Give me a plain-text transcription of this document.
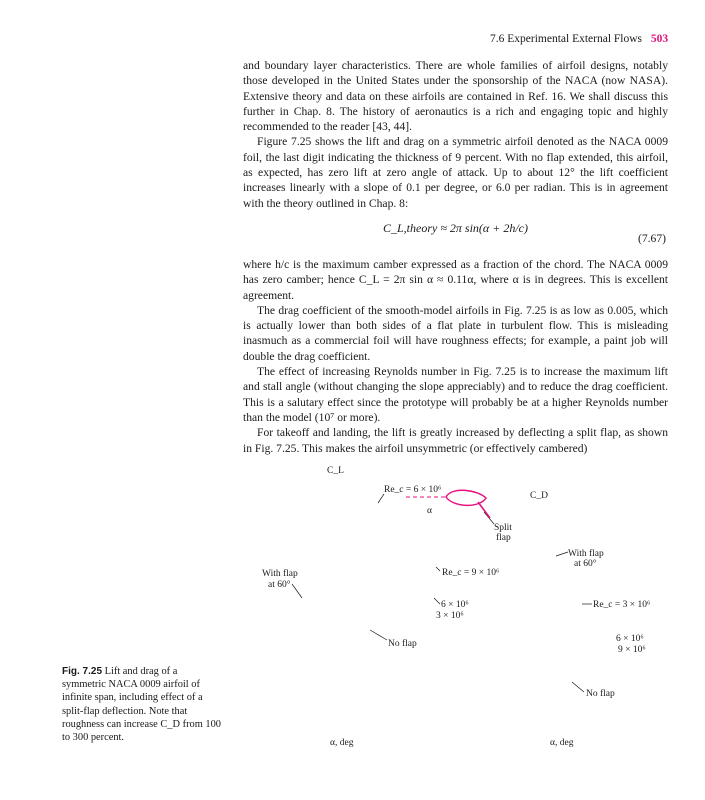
7.6 Experimental External Flows 503

and boundary layer characteristics. There are whole families of airfoil designs, notably those developed in the United States under the sponsorship of the NACA (now NASA). Extensive theory and data on these airfoils are contained in Ref. 16. We shall discuss this further in Chap. 8. The history of aeronautics is a rich and engaging topic and highly recommended to the reader [43, 44].

Figure 7.25 shows the lift and drag on a symmetric airfoil denoted as the NACA 0009 foil, the last digit indicating the thickness of 9 percent. With no flap extended, this airfoil, as expected, has zero lift at zero angle of attack. Up to about 12° the lift coefficient increases linearly with a slope of 0.1 per degree, or 6.0 per radian. This is in agreement with the theory outlined in Chap. 8:

C_L,theory ≈ 2π sin(α + 2h/c)
(7.67)

where h/c is the maximum camber expressed as a fraction of the chord. The NACA 0009 has zero camber; hence C_L = 2π sin α ≈ 0.11α, where α is in degrees. This is excellent agreement.

The drag coefficient of the smooth-model airfoils in Fig. 7.25 is as low as 0.005, which is actually lower than both sides of a flat plate in turbulent flow. This is misleading inasmuch as a commercial foil will have roughness effects; for example, a paint job will double the drag coefficient.

The effect of increasing Reynolds number in Fig. 7.25 is to increase the maximum lift and stall angle (without changing the slope appreciably) and to reduce the drag coefficient. This is a salutary effect since the prototype will probably be at a higher Reynolds number than the model (10⁷ or more).

For takeoff and landing, the lift is greatly increased by deflecting a split flap, as shown in Fig. 7.25. This makes the airfoil unsymmetric (or effectively cambered)

Fig. 7.25 Lift and drag of a symmetric NACA 0009 airfoil of infinite span, including effect of a split-flap deflection. Note that roughness can increase C_D from 100 to 300 percent.
C_L
C_D
α, deg	α, deg
Re_c = 6 × 10⁶
Re_c = 9 × 10⁶
6 × 10⁶
3 × 10⁶
No flap
With flap
at 60°
α
Split
flap
With flap
at 60°
Re_c = 3 × 10⁶
6 × 10⁶
9 × 10⁶
No flap
